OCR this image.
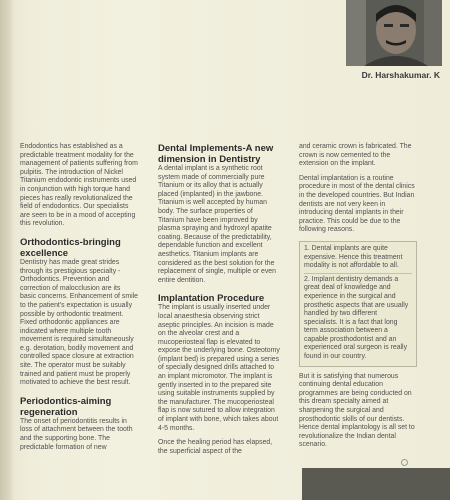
Dr. Harshakumar. K

Endodontics has established as a predictable treatment modality for the management of patients suffering from pulpitis. The introduction of Nickel Titanium endodontic instruments used in conjunction with high torque hand pieces has really revolutionalized the field of endodontics. Our specialists are seen to be in a mood of accepting this revolution.

Orthodontics-bringing excellence

Dentistry has made great strides through its prestigious specialty - Orthodontics. Prevention and correction of malocclusion are its basic concerns. Enhancement of smile to the patient's expectation is usually possible by orthodontic treatment. Fixed orthodontic appliances are indicated where multiple tooth movement is required simultaneously e.g. derotation, bodily movement and controlled space closure at extraction site. The operator must be suitably trained and patient must be properly motivated to achieve the best result.

Periodontics-aiming regeneration

The onset of periodontitis results in loss of attachment between the tooth and the supporting bone. The predictable formation of new

Dental Implements-A new dimension in Dentistry

A dental implant is a synthetic root system made of commercially pure Titanium or its alloy that is actually placed (implanted) in the jawbone. Titanium is well accepted by human body. The surface properties of Titanium have been improved by plasma spraying and hydroxyl apatite coating. Because of the predictability, dependable function and excellent aesthetics. Titanium implants are considered as the best solution for the replacement of single, multiple or even entire dentition.

Implantation Procedure

The implant is usually inserted under local anaesthesia observing strict aseptic principles. An incision is made on the alveolar crest and a mucoperiosteal flap is elevated to expose the underlying bone. Osteotomy (implant bed) is prepared using a series of specially designed drills attached to an implant micromotor. The implant is gently inserted in to the prepared site using suitable instruments supplied by the manufacturer. The mucoperiosteal flap is now sutured to allow integration of implant with bone, which takes about 4-5 months.

Once the healing period has elapsed, the superficial aspect of the

and ceramic crown is fabricated. The crown is now cemented to the extension on the implant.

Dental implantation is a routine procedure in most of the dental clinics in the developed countries. But Indian dentists are not very keen in introducing dental implants in their practice. This could be due to the following reasons.

1. Dental implants are quite expensive. Hence this treatment modality is not affordable to all.

2. Implant dentistry demands a great deal of knowledge and experience in the surgical and prosthetic aspects that are usually handled by two different specialists. It is a fact that long term association between a capable prosthodontist and an experienced oral surgeon is really found in our country.

But it is satisfying that numerous continuing dental education programmes are being conducted on this dream specialty aimed at sharpening the surgical and prosthodontic skills of our dentists. Hence dental implantology is all set to revolutionalize the Indian dental scenario.
